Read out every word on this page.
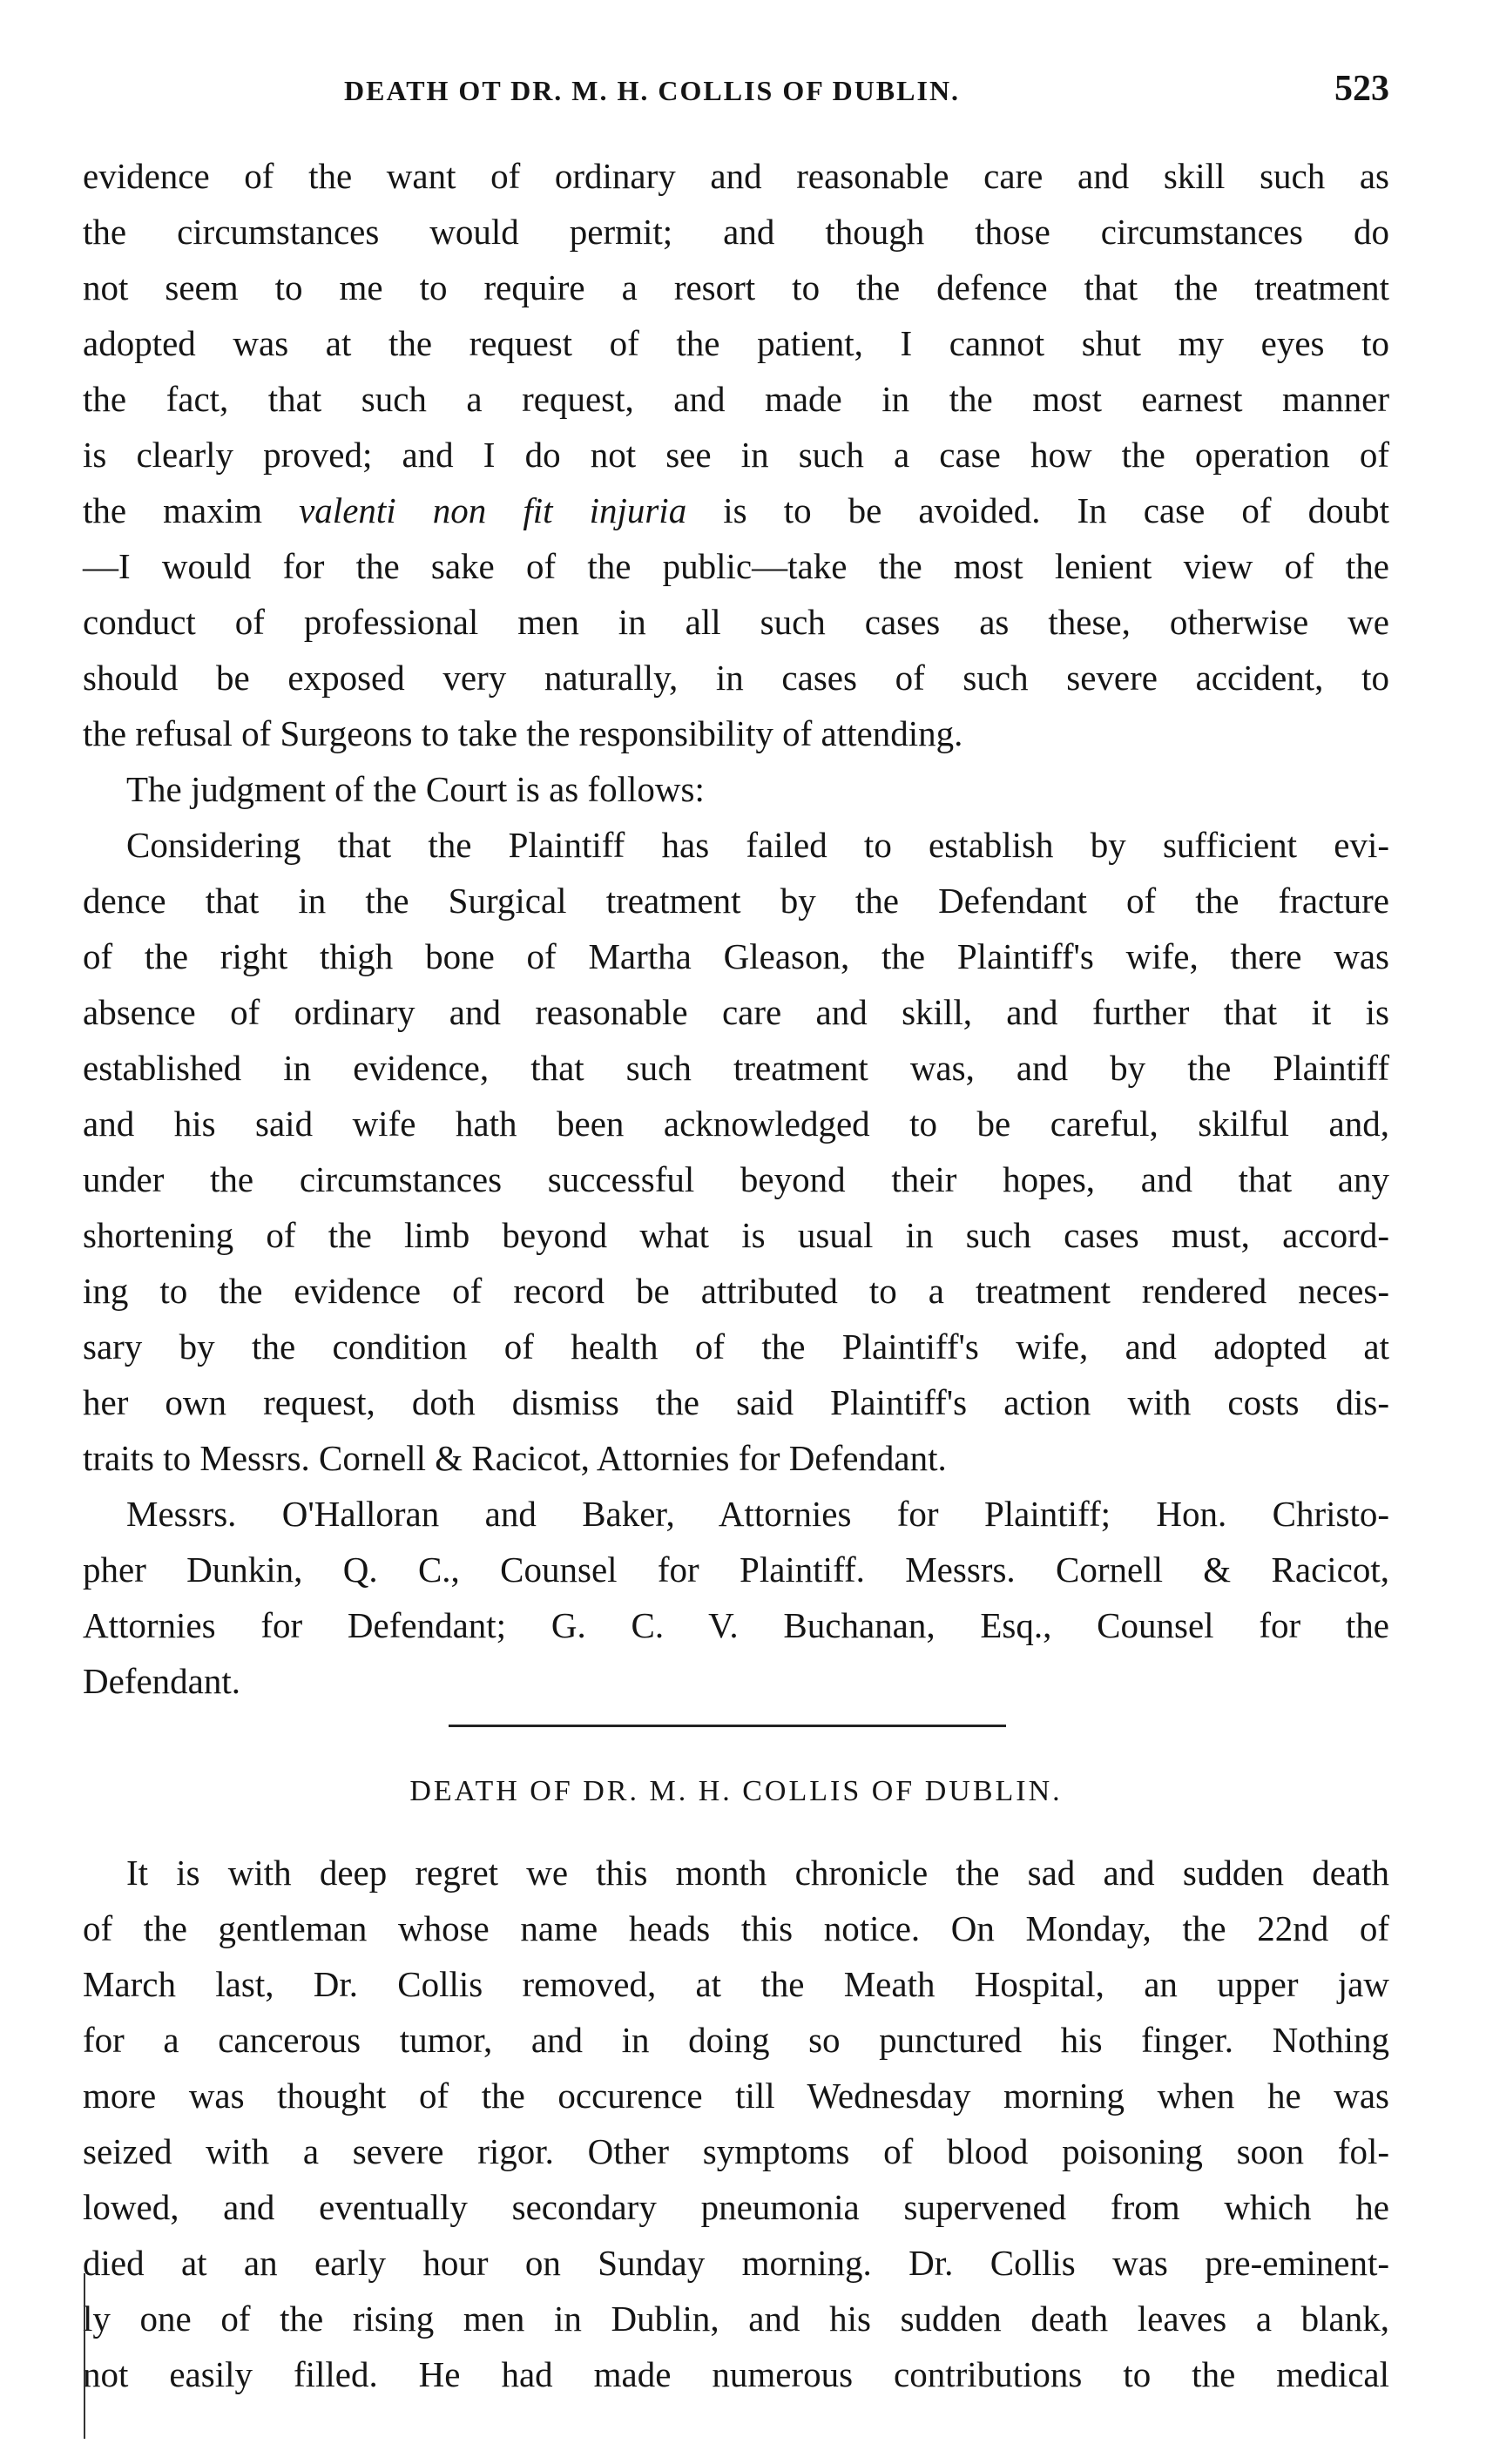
DEATH OT DR. M. H. COLLIS OF DUBLIN.	523
evidence of the want of ordinary and reasonable care and skill such as
the circumstances would permit; and though those circumstances do
not seem to me to require a resort to the defence that the treatment
adopted was at the request of the patient, I cannot shut my eyes to
the fact, that such a request, and made in the most earnest manner
is clearly proved; and I do not see in such a case how the operation of
the maxim valenti non fit injuria is to be avoided. In case of doubt
—I would for the sake of the public—take the most lenient view of the
conduct of professional men in all such cases as these, otherwise we
should be exposed very naturally, in cases of such severe accident, to
the refusal of Surgeons to take the responsibility of attending.
The judgment of the Court is as follows:
Considering that the Plaintiff has failed to establish by sufficient evi-
dence that in the Surgical treatment by the Defendant of the fracture
of the right thigh bone of Martha Gleason, the Plaintiff's wife, there was
absence of ordinary and reasonable care and skill, and further that it is
established in evidence, that such treatment was, and by the Plaintiff
and his said wife hath been acknowledged to be careful, skilful and,
under the circumstances successful beyond their hopes, and that any
shortening of the limb beyond what is usual in such cases must, accord-
ing to the evidence of record be attributed to a treatment rendered neces-
sary by the condition of health of the Plaintiff's wife, and adopted at
her own request, doth dismiss the said Plaintiff's action with costs dis-
traits to Messrs. Cornell & Racicot, Attornies for Defendant.
Messrs. O'Halloran and Baker, Attornies for Plaintiff; Hon. Christo-
pher Dunkin, Q. C., Counsel for Plaintiff. Messrs. Cornell & Racicot,
Attornies for Defendant; G. C. V. Buchanan, Esq., Counsel for the
Defendant.
DEATH OF DR. M. H. COLLIS OF DUBLIN.
It is with deep regret we this month chronicle the sad and sudden death
of the gentleman whose name heads this notice. On Monday, the 22nd of
March last, Dr. Collis removed, at the Meath Hospital, an upper jaw
for a cancerous tumor, and in doing so punctured his finger. Nothing
more was thought of the occurence till Wednesday morning when he was
seized with a severe rigor. Other symptoms of blood poisoning soon fol-
lowed, and eventually secondary pneumonia supervened from which he
died at an early hour on Sunday morning. Dr. Collis was pre-eminent-
ly one of the rising men in Dublin, and his sudden death leaves a blank,
not easily filled. He had made numerous contributions to the medical
